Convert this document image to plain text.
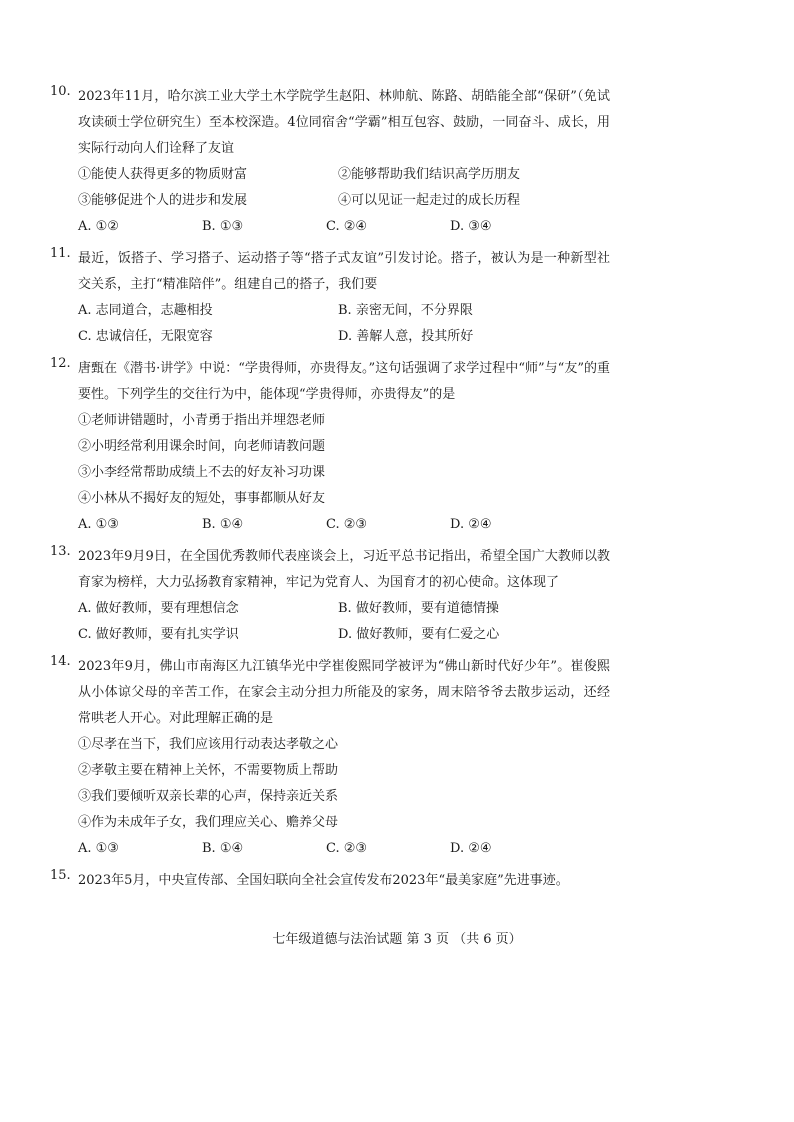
10. 2023年11月，哈尔滨工业大学土木学院学生赵阳、林帅航、陈路、胡皓能全部“保研”（免试攻读硕士学位研究生）至本校深造。4位同宿舍“学霸”相互包容、鼓励，一同奋斗、成长，用实际行动向人们诠释了友谊
①能使人获得更多的物质财富	②能够帮助我们结识高学历朋友
③能够促进个人的进步和发展	④可以见证一起走过的成长历程
A. ①②	B. ①③	C. ②④	D. ③④
11. 最近，饭搭子、学习搭子、运动搭子等“搭子式友谊”引发讨论。搭子，被认为是一种新型社交关系，主打“精准陪伴”。组建自己的搭子，我们要
A. 志同道合，志趣相投	B. 亲密无间，不分界限
C. 忠诚信任，无限宽容	D. 善解人意，投其所好
12. 唐甄在《潜书·讲学》中说：“学贵得师，亦贵得友。”这句话强调了求学过程中“师”与“友”的重要性。下列学生的交往行为中，能体现“学贵得师，亦贵得友”的是
①老师讲错题时，小青勇于指出并埋怨老师
②小明经常利用课余时间，向老师请教问题
③小李经常帮助成绩上不去的好友补习功课
④小林从不揭好友的短处，事事都顺从好友
A. ①③	B. ①④	C. ②③	D. ②④
13. 2023年9月9日，在全国优秀教师代表座谈会上，习近平总书记指出，希望全国广大教师以教育家为榜样，大力弘扬教育家精神，牢记为党育人、为国育才的初心使命。这体现了
A. 做好教师，要有理想信念	B. 做好教师，要有道德情操
C. 做好教师，要有扎实学识	D. 做好教师，要有仁爱之心
14. 2023年9月，佛山市南海区九江镇华光中学崔俊熙同学被评为“佛山新时代好少年”。崔俊熙从小体谅父母的辛苦工作，在家会主动分担力所能及的家务，周末陪爷爷去散步运动，还经常哄老人开心。对此理解正确的是
①尽孝在当下，我们应该用行动表达孝敬之心
②孝敬主要在精神上关怀，不需要物质上帮助
③我们要倾听双亲长辈的心声，保持亲近关系
④作为未成年子女，我们理应关心、赡养父母
A. ①③	B. ①④	C. ②③	D. ②④
15. 2023年5月，中央宣传部、全国妇联向全社会宣传发布2023年“最美家庭”先进事迹。
七年级道德与法治试题 第 3 页 （共 6 页）
